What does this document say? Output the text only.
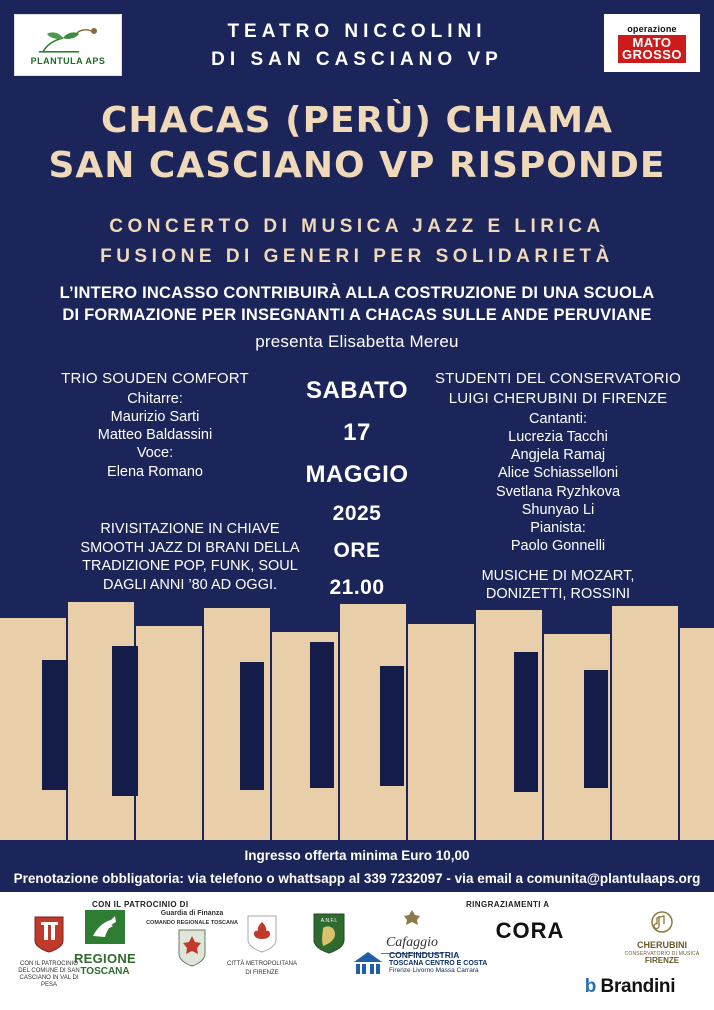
PLANTULA APS
operazione
MATO
GROSSO
TEATRO NICCOLINI
DI SAN CASCIANO VP
CHACAS (PERÙ) CHIAMA
SAN CASCIANO VP RISPONDE
CONCERTO DI MUSICA JAZZ E LIRICA
FUSIONE DI GENERI PER SOLIDARIETÀ
L’INTERO INCASSO CONTRIBUIRÀ ALLA COSTRUZIONE DI UNA SCUOLA
DI FORMAZIONE PER INSEGNANTI A CHACAS SULLE ANDE PERUVIANE
presenta Elisabetta Mereu
TRIO SOUDEN COMFORT
Chitarre:
Maurizio Sarti
Matteo Baldassini
Voce:
Elena Romano
RIVISITAZIONE IN CHIAVE
SMOOTH JAZZ DI BRANI DELLA
TRADIZIONE POP, FUNK, SOUL
DAGLI ANNI ’80 AD OGGI.
SABATO
17
MAGGIO
2025
ORE
21.00
STUDENTI DEL CONSERVATORIO
LUIGI CHERUBINI DI FIRENZE
Cantanti:
Lucrezia Tacchi
Angjela Ramaj
Alice Schiasselloni
Svetlana Ryzhkova
Shunyao Li
Pianista:
Paolo Gonnelli
MUSICHE DI MOZART,
DONIZETTI, ROSSINI
Ingresso offerta minima Euro 10,00
Prenotazione obbligatoria: via telefono o whattsapp al 339 7232097 - via email a comunita@plantulaaps.org
CON IL PATROCINIO DI	RINGRAZIAMENTI A
CON IL PATROCINIO DEL COMUNE DI SAN CASCIANO IN VAL DI PESA
REGIONE
TOSCANA
Guardia di Finanza
COMANDO REGIONALE TOSCANA
CITTÀ METROPOLITANA
DI FIRENZE
A.N.F.I.
Cafaggio	CORA
CONFINDUSTRIA
TOSCANA CENTRO E COSTA
Firenze Livorno Massa Carrara
CHERUBINI
CONSERVATORIO DI MUSICA
FIRENZE
b Brandini
